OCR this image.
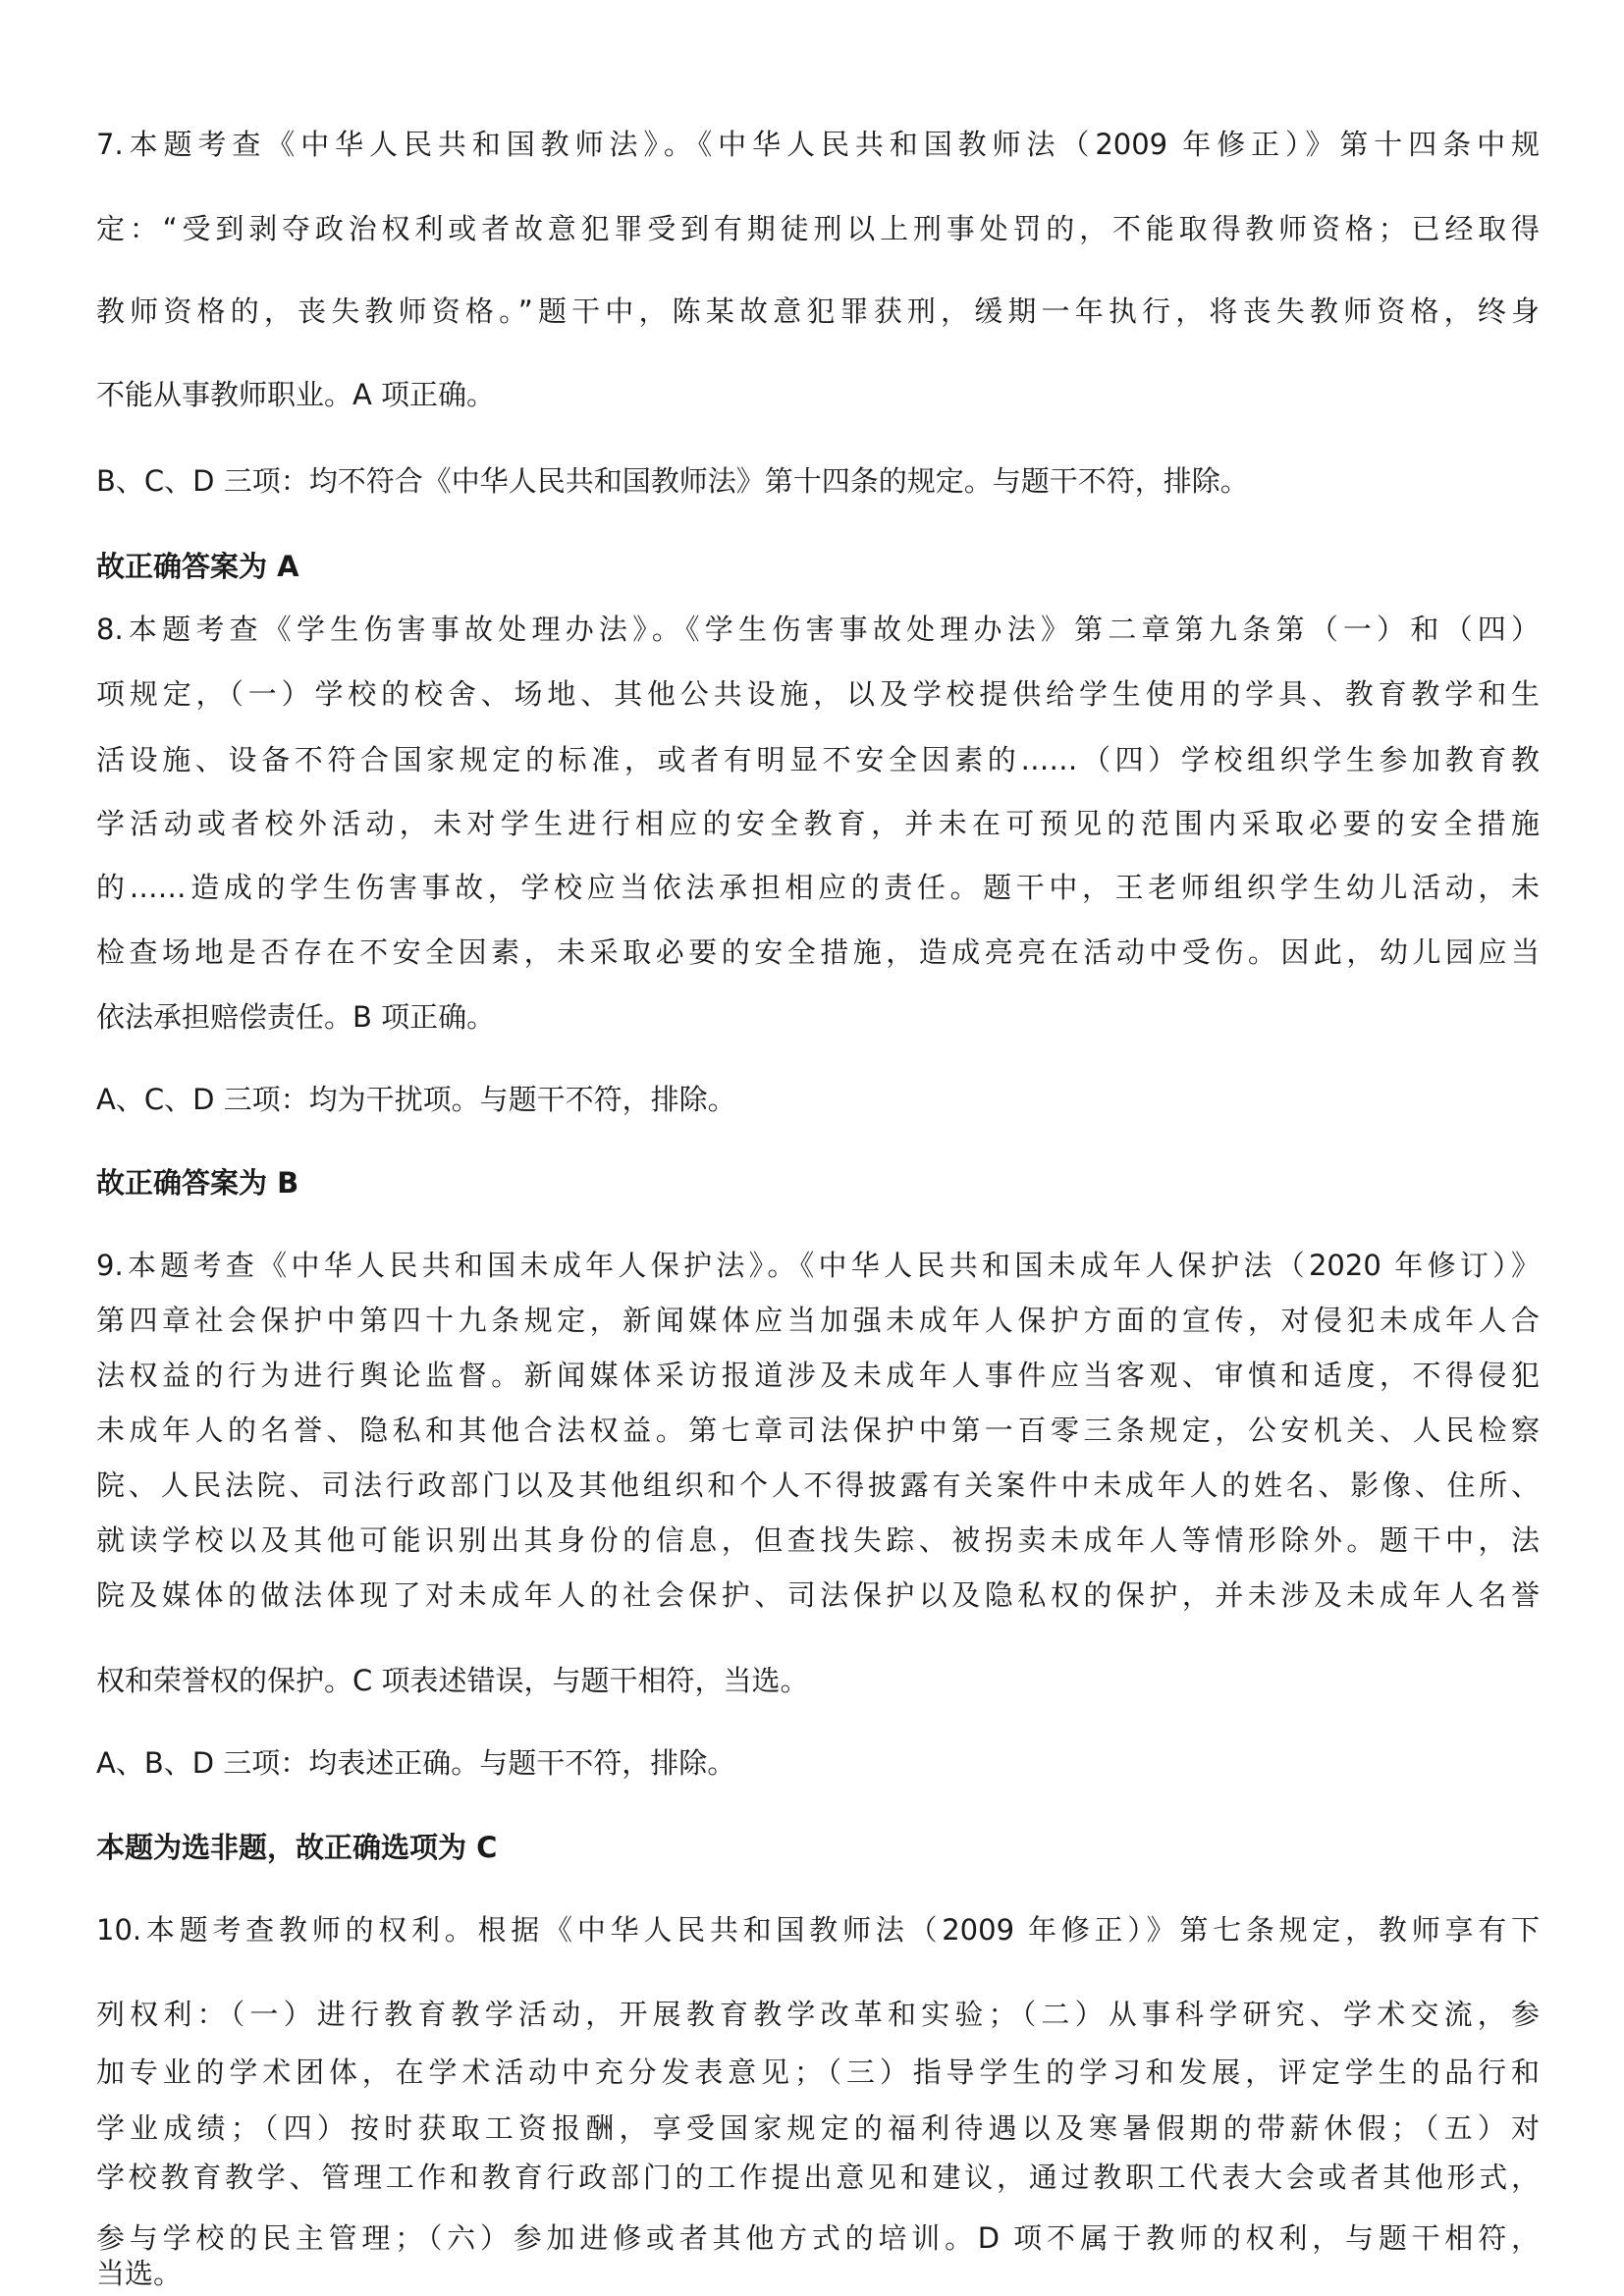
7.本题考查《中华人民共和国教师法》。《中华人民共和国教师法（2009 年修正）》第十四条中规
定：“受到剥夺政治权利或者故意犯罪受到有期徒刑以上刑事处罚的，不能取得教师资格；已经取得
教师资格的，丧失教师资格。”题干中，陈某故意犯罪获刑，缓期一年执行，将丧失教师资格，终身
不能从事教师职业。A 项正确。
B、C、D 三项：均不符合《中华人民共和国教师法》第十四条的规定。与题干不符，排除。
故正确答案为 A
8.本题考查《学生伤害事故处理办法》。《学生伤害事故处理办法》第二章第九条第（一）和（四）
项规定，（一）学校的校舍、场地、其他公共设施，以及学校提供给学生使用的学具、教育教学和生
活设施、设备不符合国家规定的标准，或者有明显不安全因素的……（四）学校组织学生参加教育教
学活动或者校外活动，未对学生进行相应的安全教育，并未在可预见的范围内采取必要的安全措施
的……造成的学生伤害事故，学校应当依法承担相应的责任。题干中，王老师组织学生幼儿活动，未
检查场地是否存在不安全因素，未采取必要的安全措施，造成亮亮在活动中受伤。因此，幼儿园应当
依法承担赔偿责任。B 项正确。
A、C、D 三项：均为干扰项。与题干不符，排除。
故正确答案为 B
9.本题考查《中华人民共和国未成年人保护法》。《中华人民共和国未成年人保护法（2020 年修订）》
第四章社会保护中第四十九条规定，新闻媒体应当加强未成年人保护方面的宣传，对侵犯未成年人合
法权益的行为进行舆论监督。新闻媒体采访报道涉及未成年人事件应当客观、审慎和适度，不得侵犯
未成年人的名誉、隐私和其他合法权益。第七章司法保护中第一百零三条规定，公安机关、人民检察
院、人民法院、司法行政部门以及其他组织和个人不得披露有关案件中未成年人的姓名、影像、住所、
就读学校以及其他可能识别出其身份的信息，但查找失踪、被拐卖未成年人等情形除外。题干中，法
院及媒体的做法体现了对未成年人的社会保护、司法保护以及隐私权的保护，并未涉及未成年人名誉
权和荣誉权的保护。C 项表述错误，与题干相符，当选。
A、B、D 三项：均表述正确。与题干不符，排除。
本题为选非题，故正确选项为 C
10.本题考查教师的权利。根据《中华人民共和国教师法（2009 年修正）》第七条规定，教师享有下
列权利：（一）进行教育教学活动，开展教育教学改革和实验；（二）从事科学研究、学术交流，参
加专业的学术团体，在学术活动中充分发表意见；（三）指导学生的学习和发展，评定学生的品行和
学业成绩；（四）按时获取工资报酬，享受国家规定的福利待遇以及寒暑假期的带薪休假；（五）对
学校教育教学、管理工作和教育行政部门的工作提出意见和建议，通过教职工代表大会或者其他形式，
参与学校的民主管理；（六）参加进修或者其他方式的培训。D 项不属于教师的权利，与题干相符，
当选。
